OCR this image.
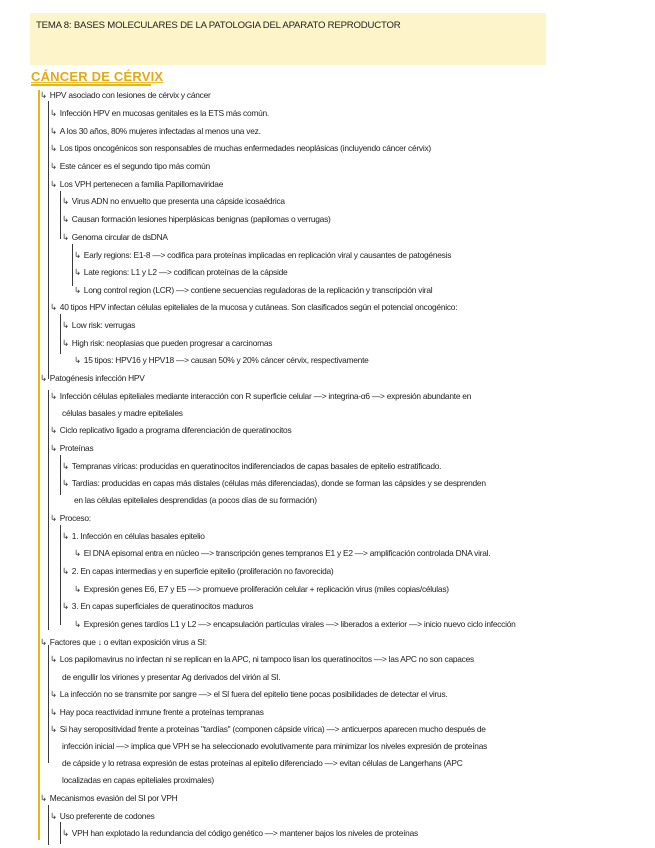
TEMA 8: BASES MOLECULARES DE LA PATOLOGIA DEL APARATO REPRODUCTOR
CÁNCER DE CÉRVIX
↳ HPV asociado con lesiones de cérvix y cáncer
↳ Infección HPV en mucosas genitales es la ETS más común.
↳ A los 30 años, 80% mujeres infectadas al menos una vez.
↳ Los tipos oncogénicos son responsables de muchas enfermedades neoplásicas (incluyendo cáncer cérvix)
↳ Este cáncer es el segundo tipo más común
↳ Los VPH pertenecen a familia Papillomaviridae
↳ Virus ADN no envuelto que presenta una cápside icosaédrica
↳ Causan formación lesiones hiperplásicas benignas (papilomas o verrugas)
↳ Genoma circular de dsDNA
↳ Early regions: E1-8 —> codifica para proteínas implicadas en replicación viral y causantes de patogénesis
↳ Late regions: L1 y L2 —> codifican proteínas de la cápside
↳ Long control region (LCR) —> contiene secuencias reguladoras de la replicación y transcripción viral
↳ 40 tipos HPV infectan células epiteliales de la mucosa y cutáneas. Son clasificados según el potencial oncogénico:
↳ Low risk: verrugas
↳ High risk: neoplasias que pueden progresar a carcinomas
↳ 15 tipos: HPV16 y HPV18 —> causan 50% y 20% cáncer cérvix, respectivamente
↳ Patogénesis infección HPV
↳ Infección células epiteliales mediante interacción con R superficie celular —> integrina-α6 —> expresión abundante en
células basales y madre epiteliales
↳ Ciclo replicativo ligado a programa diferenciación de queratinocitos
↳ Proteínas
↳ Tempranas víricas: producidas en queratinocitos indiferenciados de capas basales de epitelio estratificado.
↳ Tardías: producidas en capas más distales (células más diferenciadas), donde se forman las cápsides y se desprenden
en las células epiteliales desprendidas (a pocos días de su formación)
↳ Proceso:
↳ 1. Infección en células basales epitelio
↳ El DNA episomal entra en núcleo —> transcripción genes tempranos E1 y E2 —> amplificación controlada DNA viral.
↳ 2. En capas intermedias y en superficie epitelio (proliferación no favorecida)
↳ Expresión genes E6, E7 y E5 —> promueve proliferación celular + replicación virus (miles copias/células)
↳ 3. En capas superficiales de queratinocitos maduros
↳ Expresión genes tardíos L1 y L2 —> encapsulación partículas virales —> liberados a exterior —> inicio nuevo ciclo infección
↳ Factores que ↓ o evitan exposición virus a SI:
↳ Los papilomavirus no infectan ni se replican en la APC, ni tampoco lisan los queratinocitos —> las APC no son capaces
de engullir los viriones y presentar Ag derivados del virión al SI.
↳ La infección no se transmite por sangre —> el SI fuera del epitelio tiene pocas posibilidades de detectar el virus.
↳ Hay poca reactividad inmune frente a proteínas tempranas
↳ Si hay seropositividad frente a proteínas "tardías" (componen cápside vírica) —> anticuerpos aparecen mucho después de
infección inicial —> implica que VPH se ha seleccionado evolutivamente para minimizar los niveles expresión de proteínas
de cápside y lo retrasa expresión de estas proteínas al epitelio diferenciado —> evitan células de Langerhans (APC
localizadas en capas epiteliales proximales)
↳ Mecanismos evasión del SI por VPH
↳ Uso preferente de codones
↳ VPH han explotado la redundancia del código genético —> mantener bajos los niveles de proteínas
